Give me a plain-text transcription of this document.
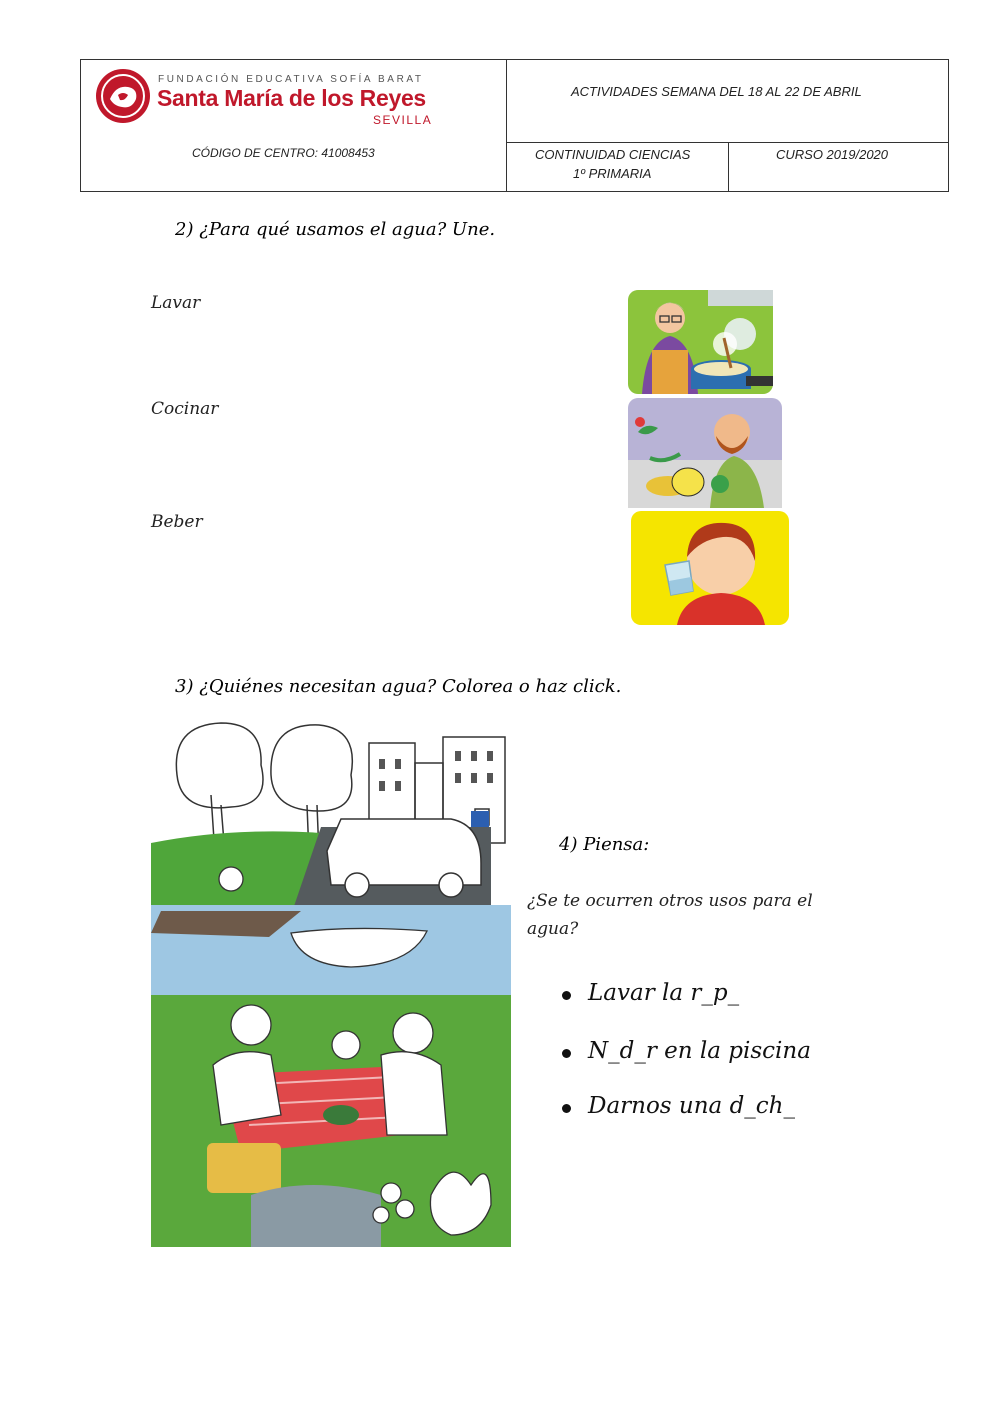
FUNDACIÓN EDUCATIVA SOFÍA BARAT
Santa María de los Reyes
SEVILLA
CÓDIGO DE CENTRO: 41008453
ACTIVIDADES SEMANA DEL 18 AL 22 DE ABRIL
CONTINUIDAD CIENCIAS
1º PRIMARIA
CURSO 2019/2020
2) ¿Para qué usamos el agua? Une.
Lavar
Cocinar
Beber
3) ¿Quiénes necesitan agua? Colorea o haz click.
4) Piensa:
¿Se te ocurren otros usos para el
agua?
Lavar la r_p_
N_d_r en la piscina
Darnos una d_ch_
